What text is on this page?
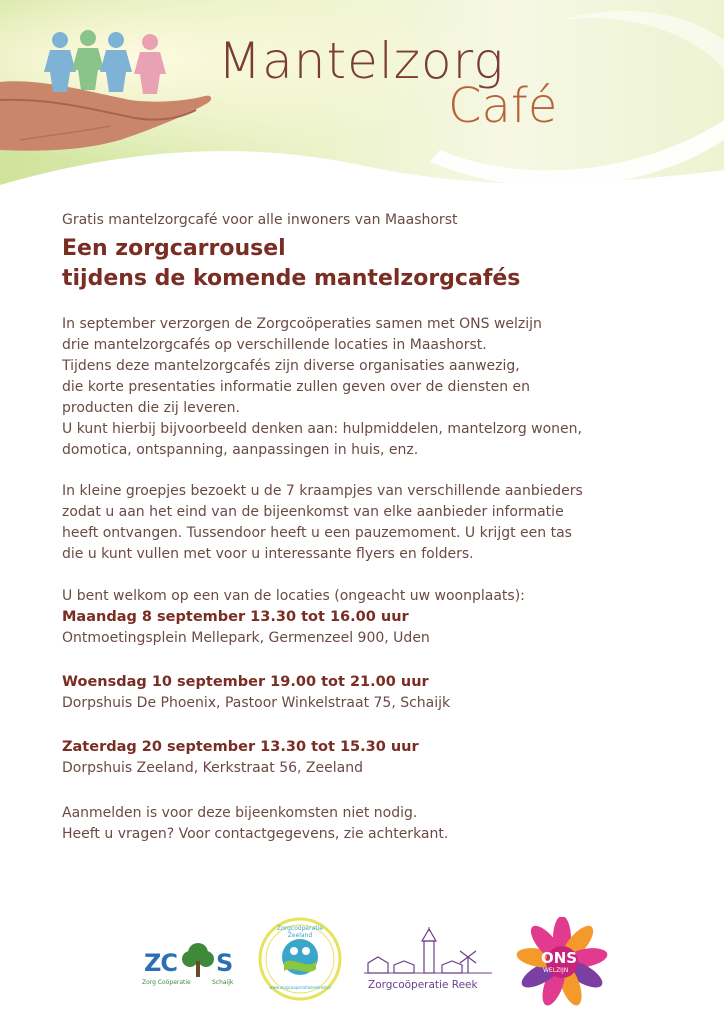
Mantelzorg
Café

Gratis mantelzorgcafé voor alle inwoners van Maashorst

Een zorgcarrousel
tijdens de komende mantelzorgcafés

In september verzorgen de Zorgcoöperaties samen met ONS welzijn
drie mantelzorgcafés op verschillende locaties in Maashorst.
Tijdens deze mantelzorgcafés zijn diverse organisaties aanwezig,
die korte presentaties informatie zullen geven over de diensten en
producten die zij leveren.
U kunt hierbij bijvoorbeeld denken aan: hulpmiddelen, mantelzorg wonen,
domotica, ontspanning, aanpassingen in huis, enz.

In kleine groepjes bezoekt u de 7 kraampjes van verschillende aanbieders
zodat u aan het eind van de bijeenkomst van elke aanbieder informatie
heeft ontvangen. Tussendoor heeft u een pauzemoment. U krijgt een tas
die u kunt vullen met voor u interessante flyers en folders.

U bent welkom op een van de locaties (ongeacht uw woonplaats):

Maandag 8 september 13.30 tot 16.00 uur
Ontmoetingsplein Mellepark, Germenzeel 900, Uden
Woensdag 10 september 19.00 tot 21.00 uur
Dorpshuis De Phoenix, Pastoor Winkelstraat 75, Schaijk
Zaterdag 20 september 13.30 tot 15.30 uur
Dorpshuis Zeeland, Kerkstraat 56, Zeeland

Aanmelden is voor deze bijeenkomsten niet nodig.
Heeft u vragen? Voor contactgegevens, zie achterkant.

ZC S
Zorg Coöperatie	Schaijk
Zorgcoöperatie Zeeland
www.zorgcooperatiezeeland.nl	Zorgcoöperatie Reek
ONS
WELZIJN
